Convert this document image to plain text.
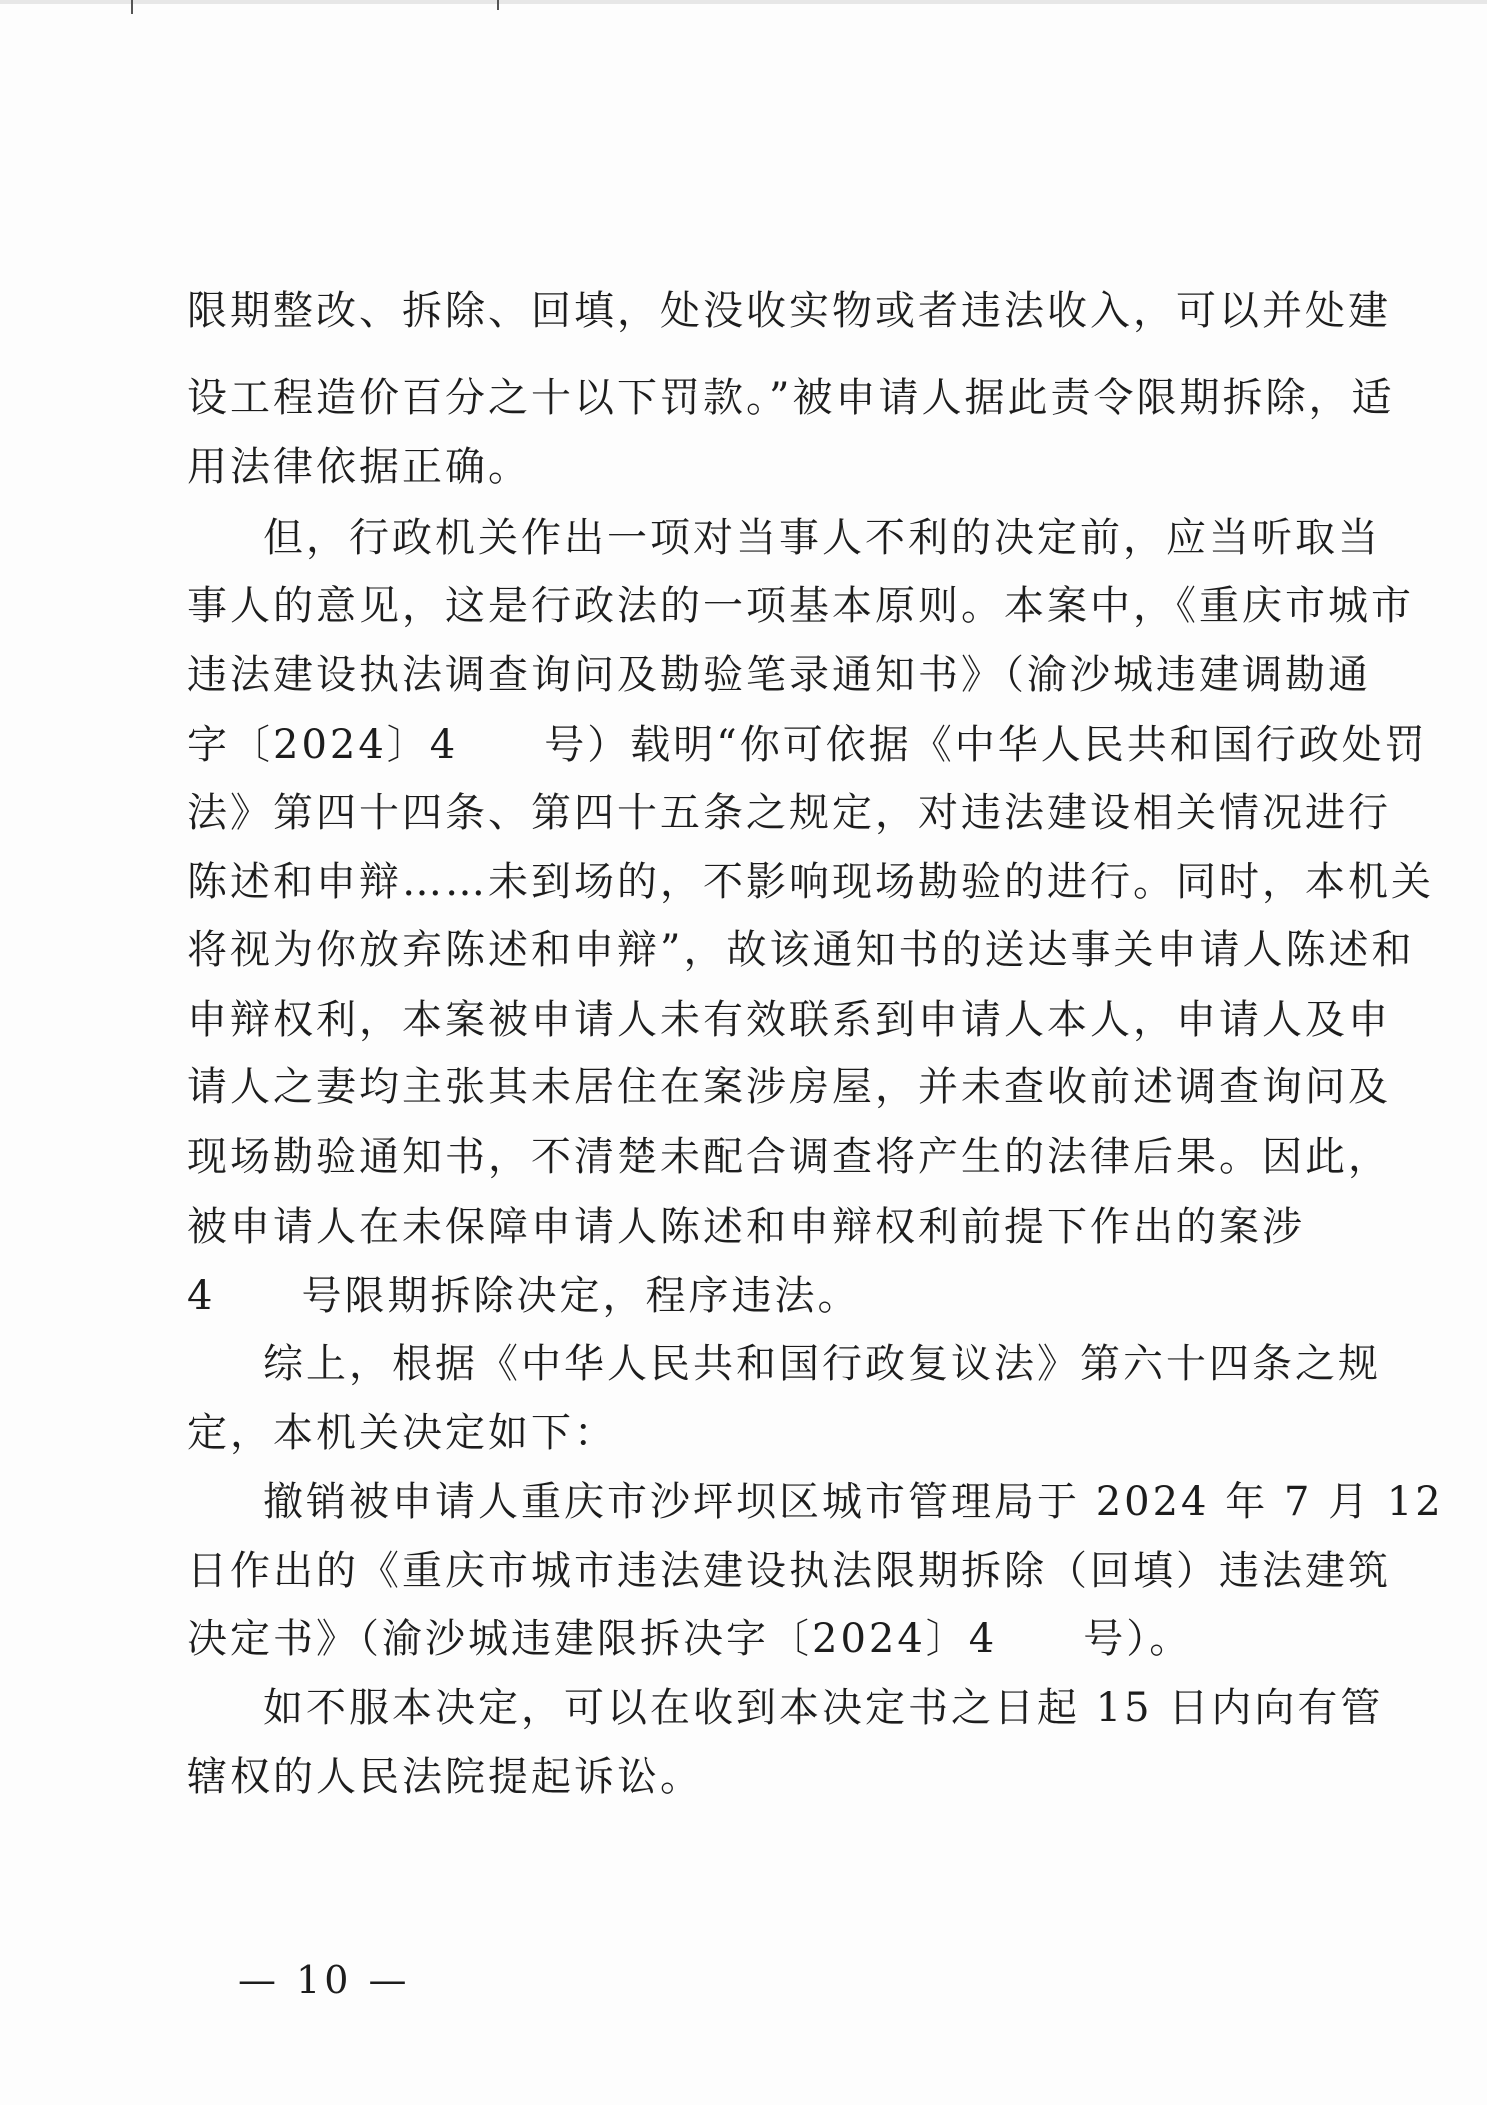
限期整改、拆除、回填，处没收实物或者违法收入，可以并处建
设工程造价百分之十以下罚款。”被申请人据此责令限期拆除，适
用法律依据正确。
但，行政机关作出一项对当事人不利的决定前，应当听取当
事人的意见，这是行政法的一项基本原则。本案中，《重庆市城市
违法建设执法调查询问及勘验笔录通知书》（渝沙城违建调勘通
字〔2024〕4　　号）载明“你可依据《中华人民共和国行政处罚
法》第四十四条、第四十五条之规定，对违法建设相关情况进行
陈述和申辩……未到场的，不影响现场勘验的进行。同时，本机关
将视为你放弃陈述和申辩”，故该通知书的送达事关申请人陈述和
申辩权利，本案被申请人未有效联系到申请人本人，申请人及申
请人之妻均主张其未居住在案涉房屋，并未查收前述调查询问及
现场勘验通知书，不清楚未配合调查将产生的法律后果。因此，
被申请人在未保障申请人陈述和申辩权利前提下作出的案涉
4　　号限期拆除决定，程序违法。
综上，根据《中华人民共和国行政复议法》第六十四条之规
定，本机关决定如下：
撤销被申请人重庆市沙坪坝区城市管理局于 2024 年 7 月 12
日作出的《重庆市城市违法建设执法限期拆除（回填）违法建筑
决定书》（渝沙城违建限拆决字〔2024〕4　　号）。
如不服本决定，可以在收到本决定书之日起 15 日内向有管
辖权的人民法院提起诉讼。
— 10 —
